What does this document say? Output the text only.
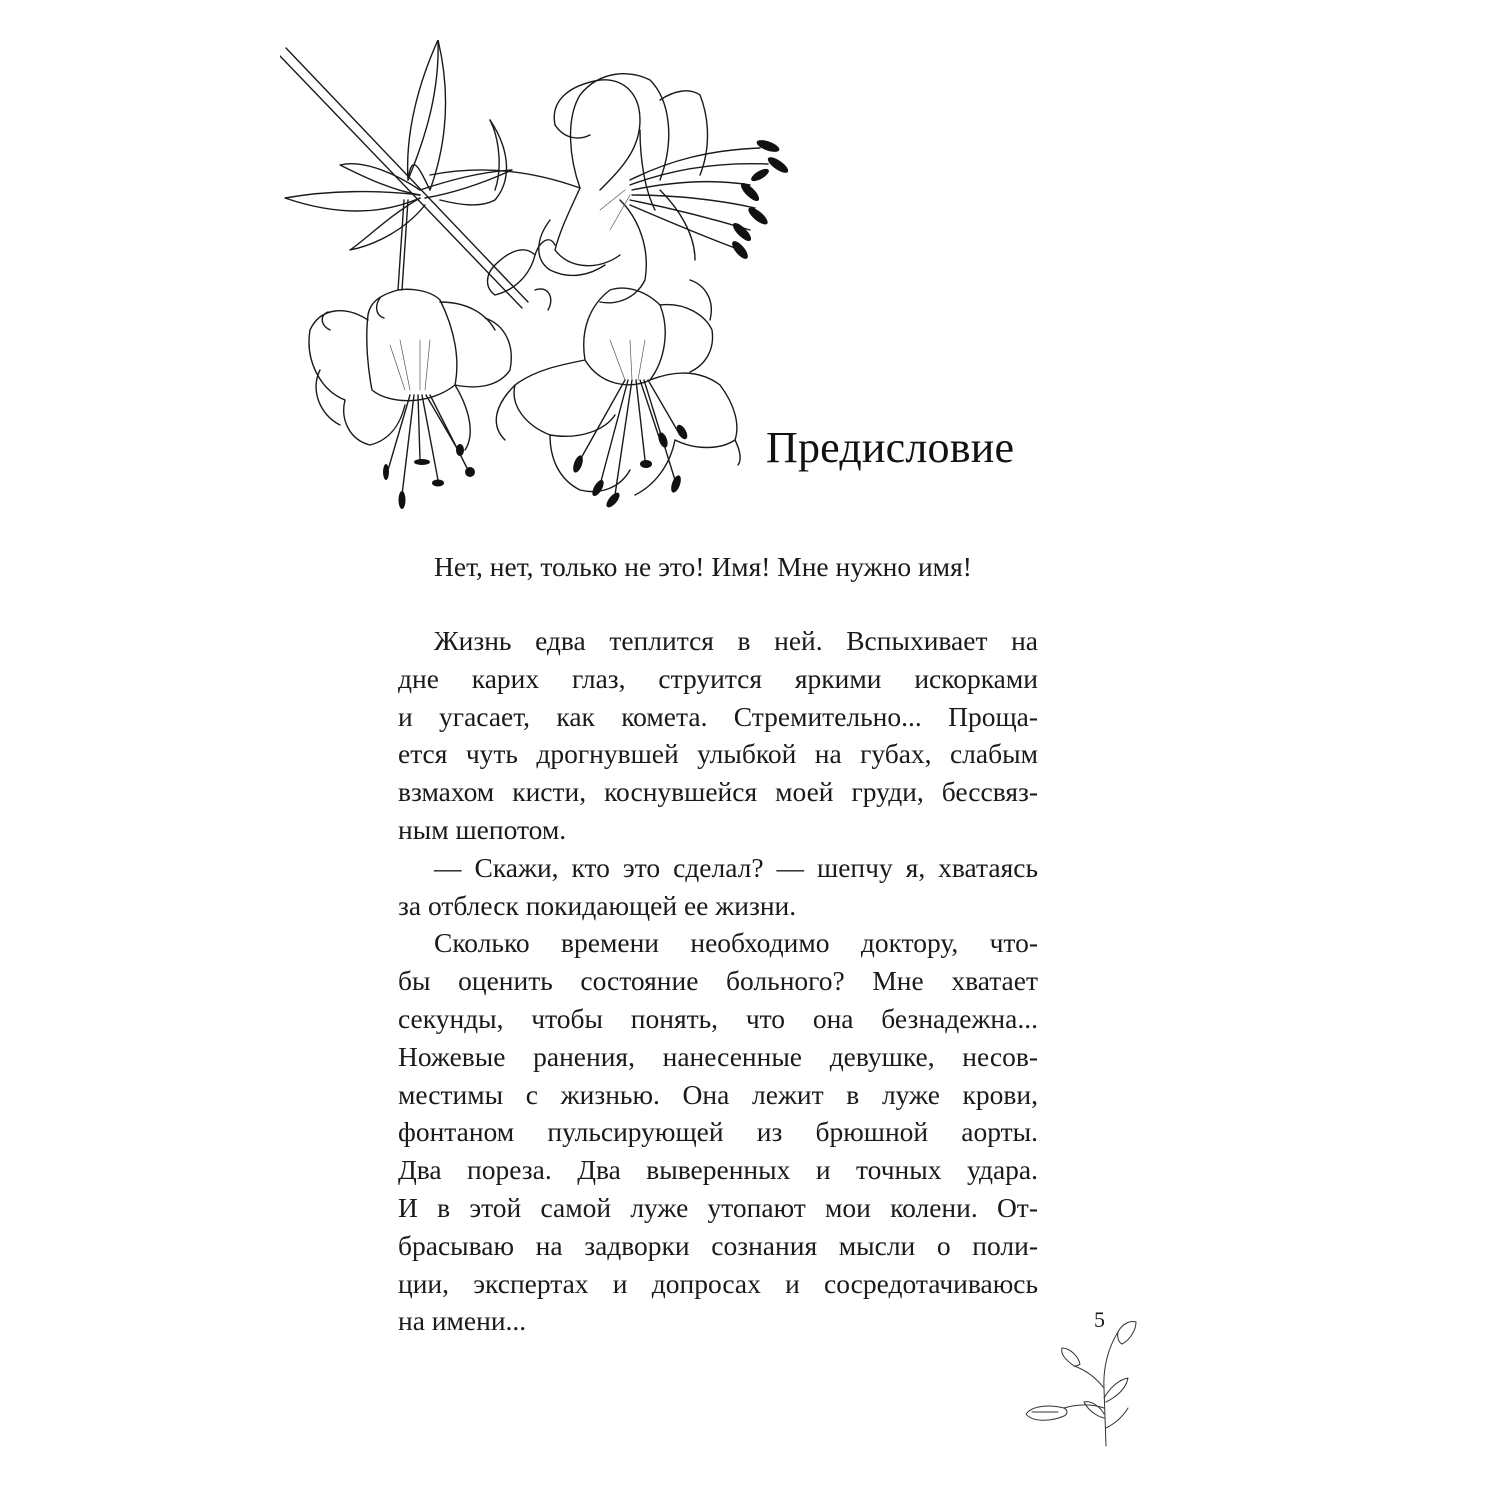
Предисловие
Нет, нет, только не это! Имя! Мне нужно имя!
Жизнь едва теплится в ней. Вспыхивает на
дне карих глаз, струится яркими искорками
и угасает, как комета. Стремительно... Проща-
ется чуть дрогнувшей улыбкой на губах, слабым
взмахом кисти, коснувшейся моей груди, бессвяз-
ным шепотом.
— Скажи, кто это сделал? — шепчу я, хватаясь
за отблеск покидающей ее жизни.
Сколько времени необходимо доктору, что-
бы оценить состояние больного? Мне хватает
секунды, чтобы понять, что она безнадежна...
Ножевые ранения, нанесенные девушке, несов-
местимы с жизнью. Она лежит в луже крови,
фонтаном пульсирующей из брюшной аорты.
Два пореза. Два выверенных и точных удара.
И в этой самой луже утопают мои колени. От-
брасываю на задворки сознания мысли о поли-
ции, экспертах и допросах и сосредотачиваюсь
на имени...	5
